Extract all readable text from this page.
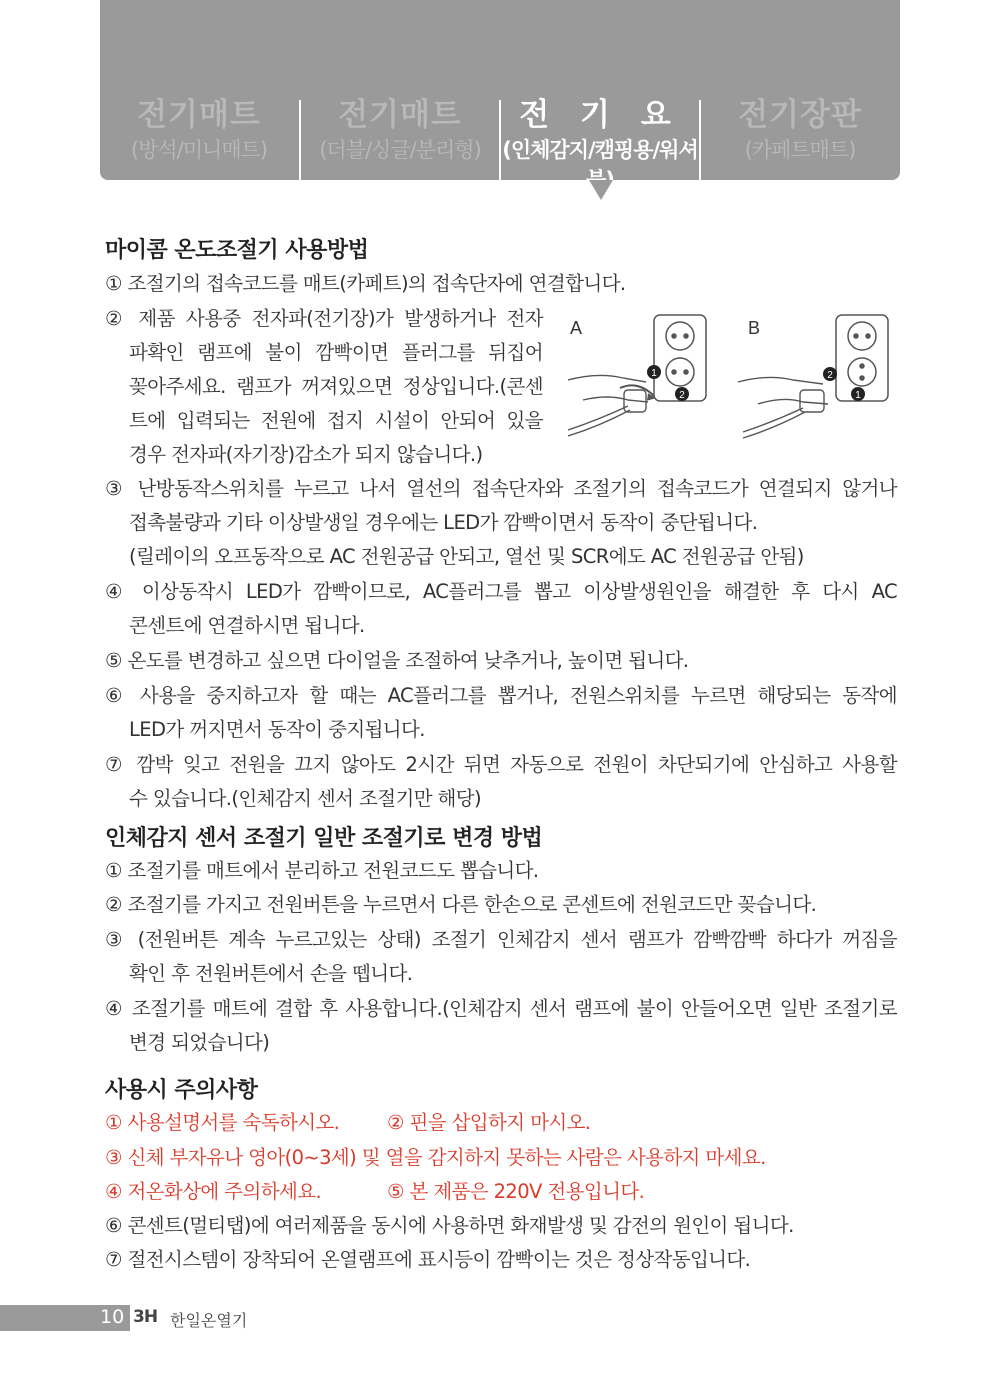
전기매트
(방석/미니매트)
전기매트
(더블/싱글/분리형)
전 기 요
(인체감지/캠핑용/워셔블)
전기장판
(카페트매트)
마이콤 온도조절기 사용방법
① 조절기의 접속코드를 매트(카페트)의 접속단자에 연결합니다.
② 제품 사용중 전자파(전기장)가 발생하거나 전자
파확인 램프에 불이 깜빡이면 플러그를 뒤집어
꽂아주세요. 램프가 꺼져있으면 정상입니다.(콘센
트에 입력되는 전원에 접지 시설이 안되어 있을
경우 전자파(자기장)감소가 되지 않습니다.)
A	B
1
2
2
1
③ 난방동작스위치를 누르고 나서 열선의 접속단자와 조절기의 접속코드가 연결되지 않거나
접촉불량과 기타 이상발생일 경우에는 LED가 깜빡이면서 동작이 중단됩니다.
(릴레이의 오프동작으로 AC 전원공급 안되고, 열선 및 SCR에도 AC 전원공급 안됨)
④ 이상동작시 LED가 깜빡이므로, AC플러그를 뽑고 이상발생원인을 해결한 후 다시 AC
콘센트에 연결하시면 됩니다.
⑤ 온도를 변경하고 싶으면 다이얼을 조절하여 낮추거나, 높이면 됩니다.
⑥ 사용을 중지하고자 할 때는 AC플러그를 뽑거나, 전원스위치를 누르면 해당되는 동작에
LED가 꺼지면서 동작이 중지됩니다.
⑦ 깜박 잊고 전원을 끄지 않아도 2시간 뒤면 자동으로 전원이 차단되기에 안심하고 사용할
수 있습니다.(인체감지 센서 조절기만 해당)
인체감지 센서 조절기 일반 조절기로 변경 방법
① 조절기를 매트에서 분리하고 전원코드도 뽑습니다.
② 조절기를 가지고 전원버튼을 누르면서 다른 한손으로 콘센트에 전원코드만 꽂습니다.
③ (전원버튼 계속 누르고있는 상태) 조절기 인체감지 센서 램프가 깜빡깜빡 하다가 꺼짐을
확인 후 전원버튼에서 손을 뗍니다.
④ 조절기를 매트에 결합 후 사용합니다.(인체감지 센서 램프에 불이 안들어오면 일반 조절기로
변경 되었습니다)
사용시 주의사항
① 사용설명서를 숙독하시오. ② 핀을 삽입하지 마시오.
③ 신체 부자유나 영아(0~3세) 및 열을 감지하지 못하는 사람은 사용하지 마세요.
④ 저온화상에 주의하세요.	⑤ 본 제품은 220V 전용입니다.
⑥ 콘센트(멀티탭)에 여러제품을 동시에 사용하면 화재발생 및 감전의 원인이 됩니다.
⑦ 절전시스템이 장착되어 온열램프에 표시등이 깜빡이는 것은 정상작동입니다.
10 3H 한일온열기
